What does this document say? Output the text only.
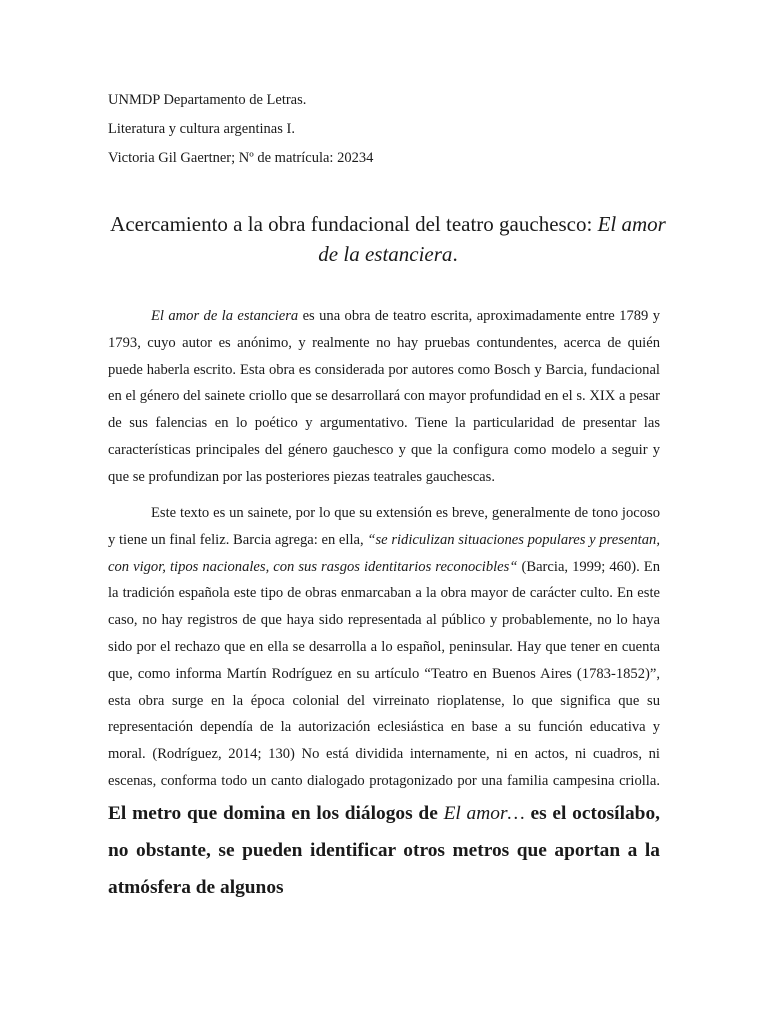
UNMDP Departamento de Letras.
Literatura y cultura argentinas I.
Victoria Gil Gaertner; Nº de matrícula: 20234
Acercamiento a la obra fundacional del teatro gauchesco: El amor de la estanciera.
El amor de la estanciera es una obra de teatro escrita, aproximadamente entre 1789 y 1793, cuyo autor es anónimo, y realmente no hay pruebas contundentes, acerca de quién puede haberla escrito. Esta obra es considerada por autores como Bosch y Barcia, fundacional en el género del sainete criollo que se desarrollará con mayor profundidad en el s. XIX a pesar de sus falencias en lo poético y argumentativo. Tiene la particularidad de presentar las características principales del género gauchesco y que la configura como modelo a seguir y que se profundizan por las posteriores piezas teatrales gauchescas.
Este texto es un sainete, por lo que su extensión es breve, generalmente de tono jocoso y tiene un final feliz. Barcia agrega: en ella, “se ridiculizan situaciones populares y presentan, con vigor, tipos nacionales, con sus rasgos identitarios reconocibles“ (Barcia, 1999; 460). En la tradición española este tipo de obras enmarcaban a la obra mayor de carácter culto. En este caso, no hay registros de que haya sido representada al público y probablemente, no lo haya sido por el rechazo que en ella se desarrolla a lo español, peninsular. Hay que tener en cuenta que, como informa Martín Rodríguez en su artículo “Teatro en Buenos Aires (1783-1852)”, esta obra surge en la época colonial del virreinato rioplatense, lo que significa que su representación dependía de la autorización eclesiástica en base a su función educativa y moral. (Rodríguez, 2014; 130) No está dividida internamente, ni en actos, ni cuadros, ni escenas, conforma todo un canto dialogado protagonizado por una familia campesina criolla. El metro que domina en los diálogos de El amor… es el octosílabo, no obstante, se pueden identificar otros metros que aportan a la atmósfera de algunos
